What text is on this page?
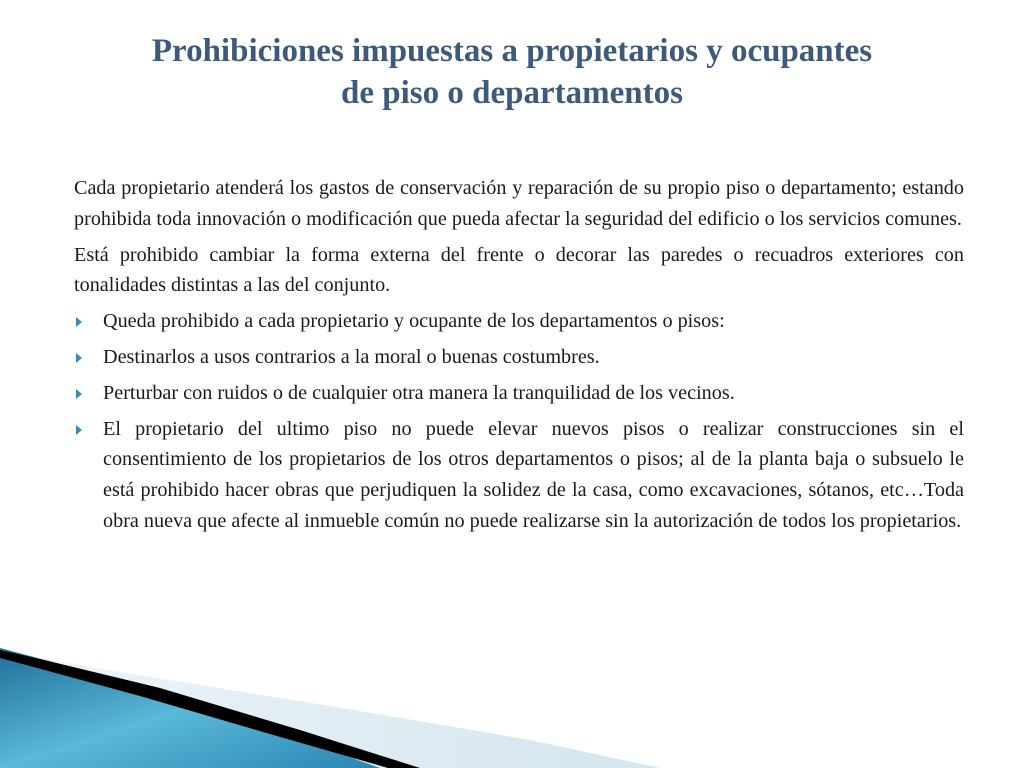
Prohibiciones impuestas a propietarios y ocupantes
de piso o departamentos

Cada propietario atenderá los gastos de conservación y reparación de su propio piso o departamento; estando prohibida toda innovación o modificación que pueda afectar la seguridad del edificio o los servicios comunes.

Está prohibido cambiar la forma externa del frente o decorar las paredes o recuadros exteriores con tonalidades distintas a las del conjunto.

Queda prohibido a cada propietario y ocupante de los departamentos o pisos:
Destinarlos a usos contrarios a la moral o buenas costumbres.
Perturbar con ruidos o de cualquier otra manera la tranquilidad de los vecinos.
El propietario del ultimo piso no puede elevar nuevos pisos o realizar construcciones sin el consentimiento de los propietarios de los otros departamentos o pisos; al de la planta baja o subsuelo le está prohibido hacer obras que perjudiquen la solidez de la casa, como excavaciones, sótanos, etc…Toda obra nueva que afecte al inmueble común no puede realizarse sin la autorización de todos los propietarios.
